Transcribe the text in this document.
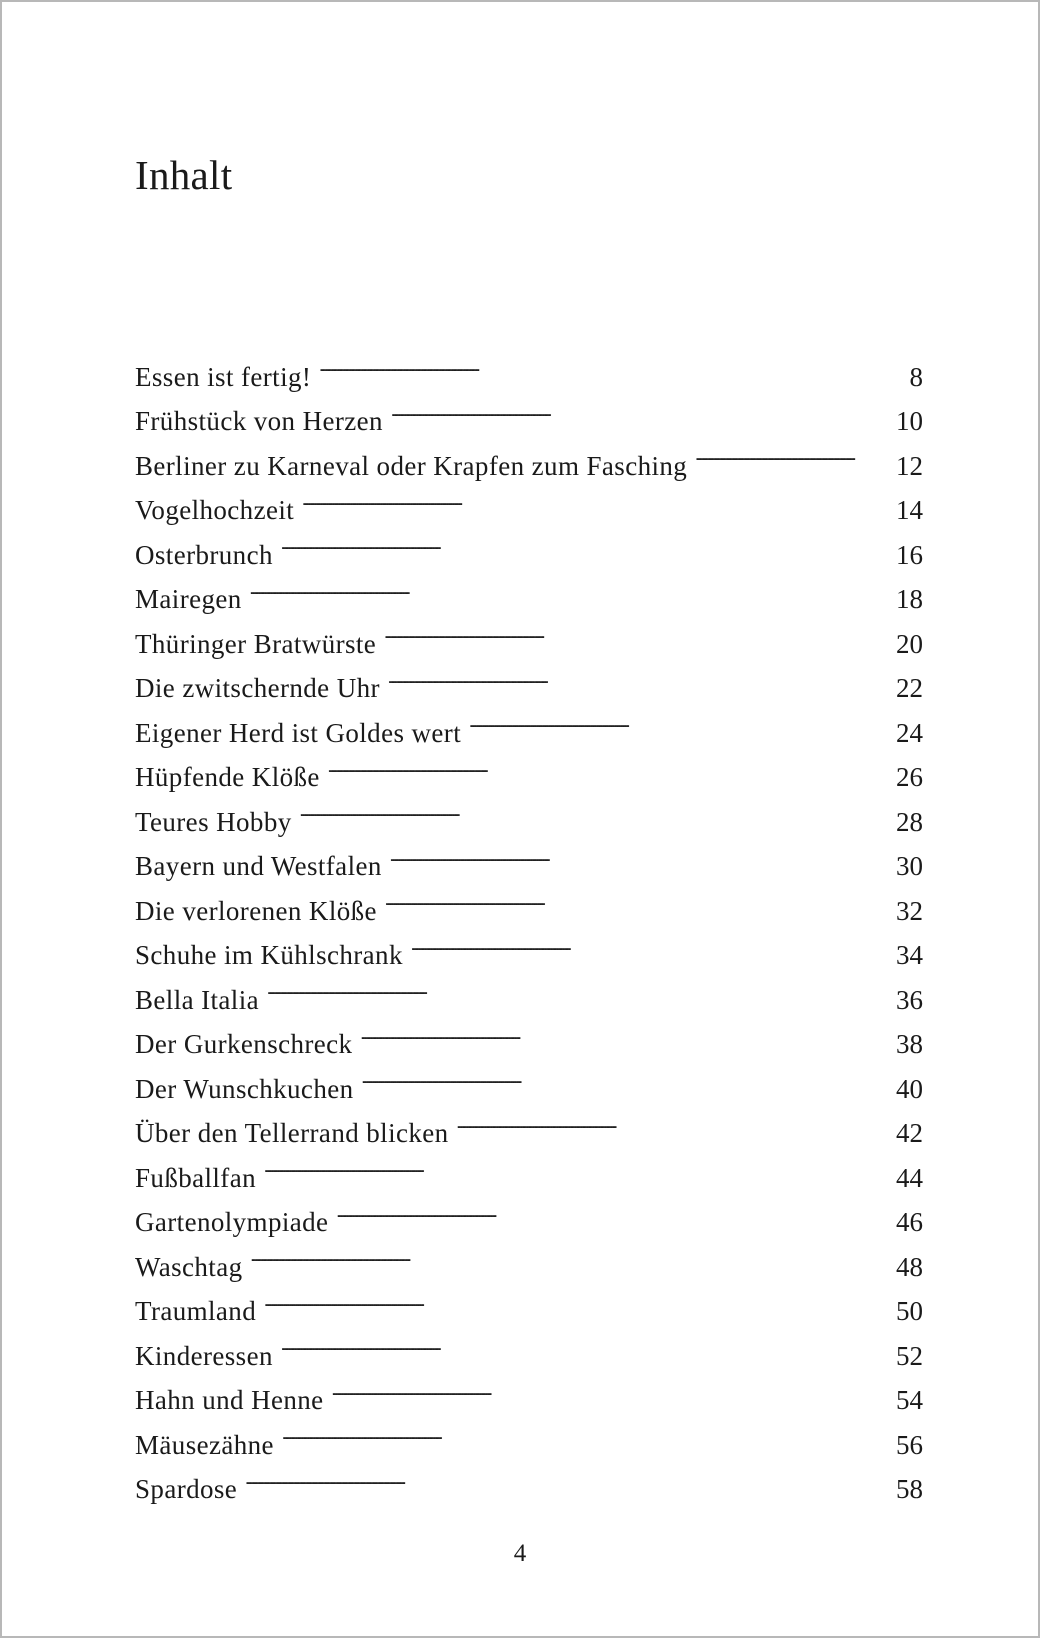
Inhalt
Essen ist fertig! . . .	8
Frühstück von Herzen . . .	10
Berliner zu Karneval oder Krapfen zum Fasching . . .	12
Vogelhochzeit . . .	14
Osterbrunch . . .	16
Mairegen . . .	18
Thüringer Bratwürste . . .	20
Die zwitschernde Uhr . . .	22
Eigener Herd ist Goldes wert . . .	24
Hüpfende Klöße . . .	26
Teures Hobby . . .	28
Bayern und Westfalen . . .	30
Die verlorenen Klöße . . .	32
Schuhe im Kühlschrank . . .	34
Bella Italia . . .	36
Der Gurkenschreck . . .	38
Der Wunschkuchen . . .	40
Über den Tellerrand blicken . . .	42
Fußballfan . . .	44
Gartenolympiade . . .	46
Waschtag . . .	48
Traumland . . .	50
Kinderessen . . .	52
Hahn und Henne . . .	54
Mäusezähne . . .	56
Spardose . . .	58
4
